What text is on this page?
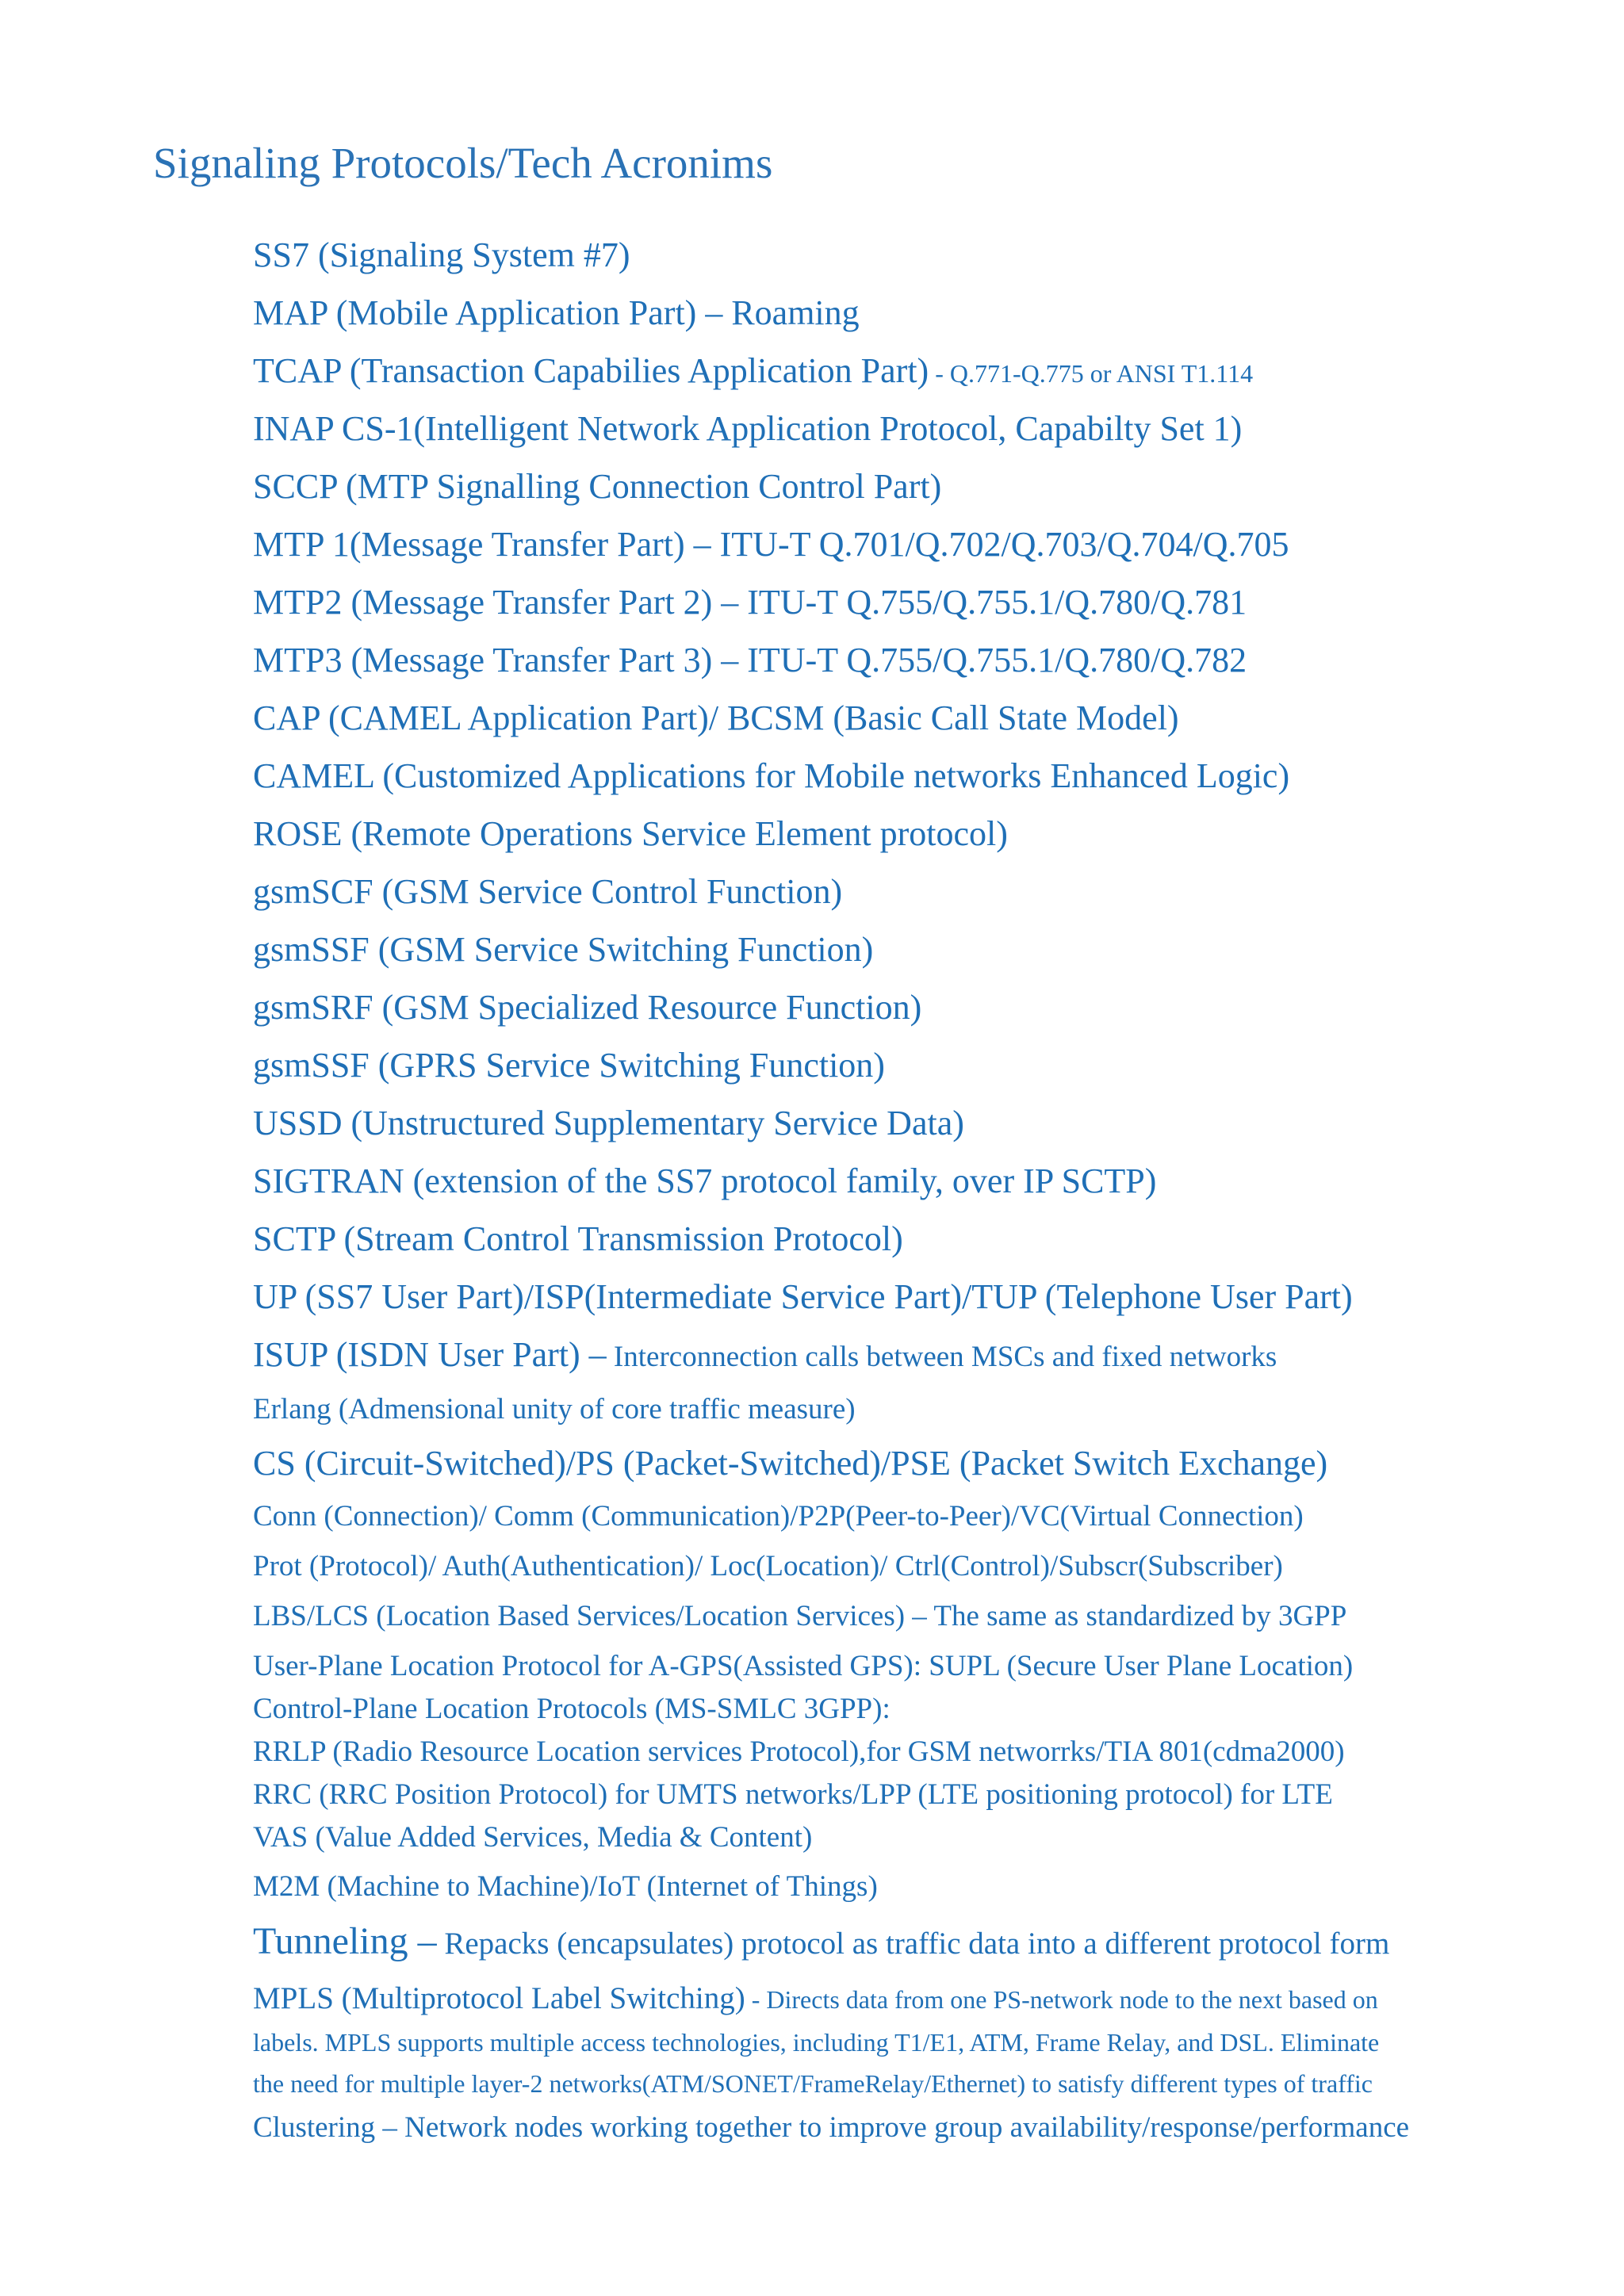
Signaling Protocols/Tech Acronims
SS7 (Signaling System #7)
MAP (Mobile Application Part) – Roaming
TCAP (Transaction Capabilies Application Part) - Q.771-Q.775 or ANSI T1.114
INAP CS-1(Intelligent Network Application Protocol, Capabilty Set 1)
SCCP (MTP Signalling Connection Control Part)
MTP 1(Message Transfer Part) – ITU-T Q.701/Q.702/Q.703/Q.704/Q.705
MTP2 (Message Transfer Part 2) – ITU-T Q.755/Q.755.1/Q.780/Q.781
MTP3 (Message Transfer Part 3) – ITU-T Q.755/Q.755.1/Q.780/Q.782
CAP (CAMEL Application Part)/ BCSM (Basic Call State Model)
CAMEL (Customized Applications for Mobile networks Enhanced Logic)
ROSE (Remote Operations Service Element protocol)
gsmSCF (GSM Service Control Function)
gsmSSF (GSM Service Switching Function)
gsmSRF (GSM Specialized Resource Function)
gsmSSF (GPRS Service Switching Function)
USSD (Unstructured Supplementary Service Data)
SIGTRAN (extension of the SS7 protocol family, over IP SCTP)
SCTP (Stream Control Transmission Protocol)
UP (SS7 User Part)/ISP(Intermediate Service Part)/TUP (Telephone User Part)
ISUP (ISDN User Part) – Interconnection calls between MSCs and fixed networks
Erlang (Admensional unity of core traffic measure)
CS (Circuit-Switched)/PS (Packet-Switched)/PSE (Packet Switch Exchange)
Conn (Connection)/ Comm (Communication)/P2P(Peer-to-Peer)/VC(Virtual Connection)
Prot (Protocol)/ Auth(Authentication)/ Loc(Location)/ Ctrl(Control)/Subscr(Subscriber)
LBS/LCS (Location Based Services/Location Services) – The same as standardized by 3GPP
User-Plane Location Protocol for A-GPS(Assisted GPS): SUPL (Secure User Plane Location)
Control-Plane Location Protocols (MS-SMLC 3GPP):
RRLP (Radio Resource Location services Protocol),for GSM networrks/TIA 801(cdma2000)
RRC (RRC Position Protocol) for UMTS networks/LPP (LTE positioning protocol) for LTE
VAS (Value Added Services, Media & Content)
M2M (Machine to Machine)/IoT (Internet of Things)
Tunneling – Repacks (encapsulates) protocol as traffic data into a different protocol form
MPLS (Multiprotocol Label Switching) - Directs data from one PS-network node to the next based on
labels. MPLS supports multiple access technologies, including T1/E1, ATM, Frame Relay, and DSL. Eliminate
the need for multiple layer-2 networks(ATM/SONET/FrameRelay/Ethernet) to satisfy different types of traffic
Clustering – Network nodes working together to improve group availability/response/performance
